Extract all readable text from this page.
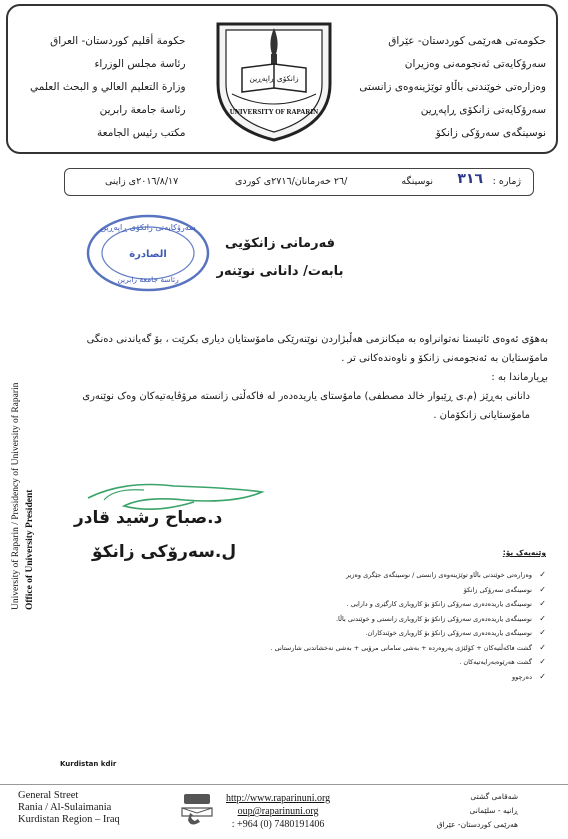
حکومەتی هەرێمی کوردستان- عێراق
سەرۆکایەتی ئەنجومەنی وەزیران
وەزارەتی خوێندنی باڵاو توێژینەوەی زانستی
سەرۆکایەتی زانکۆی ڕاپەڕین
نوسینگەی سەرۆکی زانکۆ
حكومة أقليم كوردستان- العراق
رئاسة مجلس الوزراء
وزارة التعليم العالي و البحث العلمي
رئاسة جامعة رابرين
مكتب رئيس الجامعة
زانکۆی ڕاپەڕین
UNIVERSITY OF RAPARIN
ژمارە :
٣١٦
نوسینگە
/٢٦ خەرمانان/٢٧١٦ی کوردی
٢٠١٦/٨/١٧ی زاینی
سەرۆکایەتی زانکۆی ڕاپەڕین
الصادرة
رئاسة جامعة رابرين
فەرمانی زانکۆیی
بابەت/ دانانی نوێنەر

بەهۆی ئەوەی ئاتیستا نەتوانراوە بە میکانزمی هەڵبژاردن نوێنەرێکی مامۆستایان دیاری بکرێت ، بۆ گەیاندنی دەنگی مامۆستایان بە ئەنجومەنی زانکۆ و ناوەندەکانی تر .

بڕیارماندا بە :

دانانی بەڕێز (م.ی ڕێبوار خالد مصطفى) مامۆستای یاریدەدەر لە فاکەڵتی زانستە مرۆڤایەتیەکان وەک نوێنەری مامۆستایانی زانکۆمان .

University of Raparin / Presidency of University of Raparin Office of University President د.صباح رشيد قادر
ل.سەرۆکی زانکۆ	وێنەیەک بۆ:
✓ وەزارەتی خوێندنی باڵاو توێژینەوەی زانستی / نوسینگەی جێگری وەزیر
✓ نوسینگەی سەرۆکی زانکۆ
✓ نوسینگەی یاریدەدەری سەرۆکی زانکۆ بۆ کاروباری کارگێری و دارایی .
✓ نوسینگەی یاریدەدەری سەرۆکی زانکۆ بۆ کاروباری زانستی و خوێندنی باڵا.
✓ نوسینگەی یاریدەدەری سەرۆکی زانکۆ بۆ کاروباری خوێندکاران.
✓ گشت فاکەڵتیەکان + کۆلێژی پەروەردە + بەشی سامانی مرۆیی + بەشی نەخشاندنی شارستانی .
✓ گشت هەرێوەبەرایەتیەکان .
✓ دەرچوو
Kurdistan kdir
General Street
Rania / Al-Sulaimania
Kurdistan Region – Iraq
http://www.raparinuni.org
oup@raparinuni.org
: +964 (0) 7480191406
شەقامی گشتی
ڕانیە - سلێمانی
هەرێمی کوردستان- عێراق
